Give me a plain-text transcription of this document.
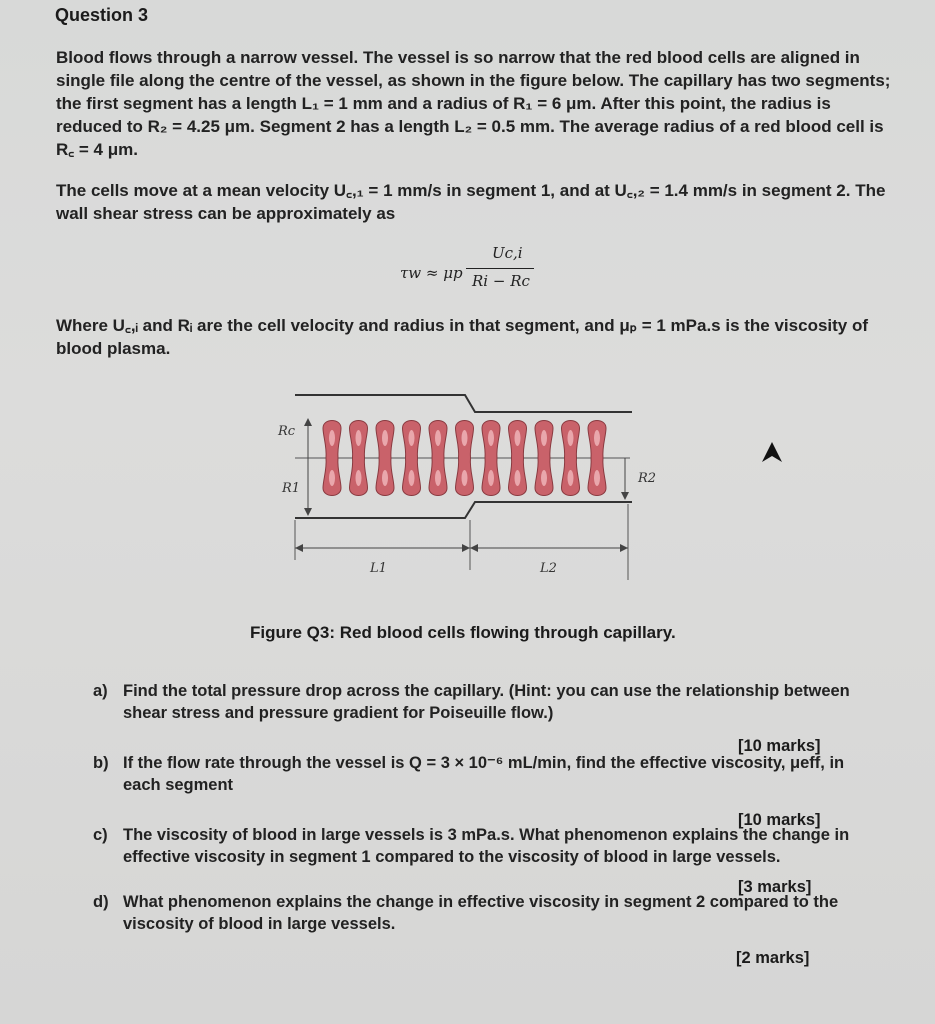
Question 3
Blood flows through a narrow vessel. The vessel is so narrow that the red blood cells are aligned in single file along the centre of the vessel, as shown in the figure below. The capillary has two segments; the first segment has a length L₁ = 1 mm and a radius of R₁ = 6 μm. After this point, the radius is reduced to R₂ = 4.25 μm. Segment 2 has a length L₂ = 0.5 mm. The average radius of a red blood cell is R꜀ = 4 μm.
The cells move at a mean velocity U꜀,₁ = 1 mm/s in segment 1, and at U꜀,₂ = 1.4 mm/s in segment 2. The wall shear stress can be approximately as
τw ≈ μp
Uc,i
Ri − Rc
Where U꜀,ᵢ and Rᵢ are the cell velocity and radius in that segment, and μₚ = 1 mPa.s is the viscosity of blood plasma.
Rc
R1
R2
L1	L2
Figure Q3: Red blood cells flowing through capillary.
a) Find the total pressure drop across the capillary. (Hint: you can use the relationship between shear stress and pressure gradient for Poiseuille flow.)
[10 marks]
b) If the flow rate through the vessel is Q = 3 × 10⁻⁶ mL/min, find the effective viscosity, μeff, in each segment
[10 marks]
c) The viscosity of blood in large vessels is 3 mPa.s. What phenomenon explains the change in effective viscosity in segment 1 compared to the viscosity of blood in large vessels.
[3 marks]
d) What phenomenon explains the change in effective viscosity in segment 2 compared to the viscosity of blood in large vessels.
[2 marks]
